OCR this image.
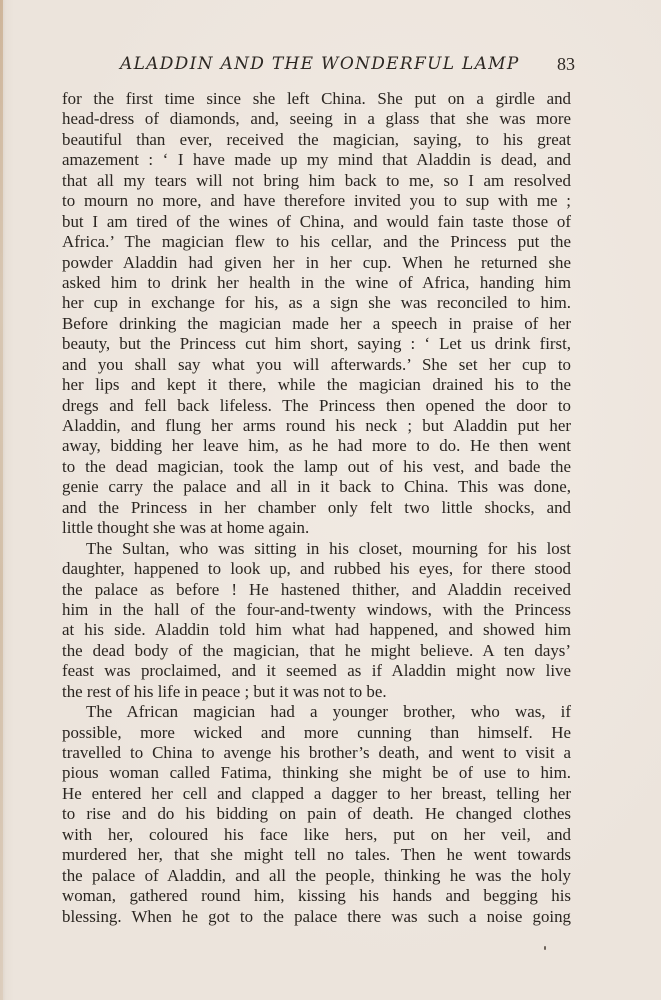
ALADDIN AND THE WONDERFUL LAMP 83
for the first time since she left China. She put on a girdle and
head-dress of diamonds, and, seeing in a glass that she was more
beautiful than ever, received the magician, saying, to his great
amazement : ‘ I have made up my mind that Aladdin is dead, and
that all my tears will not bring him back to me, so I am resolved
to mourn no more, and have therefore invited you to sup with me ;
but I am tired of the wines of China, and would fain taste those of
Africa.’ The magician flew to his cellar, and the Princess put the
powder Aladdin had given her in her cup. When he returned she
asked him to drink her health in the wine of Africa, handing him
her cup in exchange for his, as a sign she was reconciled to him.
Before drinking the magician made her a speech in praise of her
beauty, but the Princess cut him short, saying : ‘ Let us drink first,
and you shall say what you will afterwards.’ She set her cup to
her lips and kept it there, while the magician drained his to the
dregs and fell back lifeless. The Princess then opened the door to
Aladdin, and flung her arms round his neck ; but Aladdin put her
away, bidding her leave him, as he had more to do. He then went
to the dead magician, took the lamp out of his vest, and bade the
genie carry the palace and all in it back to China. This was done,
and the Princess in her chamber only felt two little shocks, and
little thought she was at home again.
The Sultan, who was sitting in his closet, mourning for his lost
daughter, happened to look up, and rubbed his eyes, for there stood
the palace as before ! He hastened thither, and Aladdin received
him in the hall of the four-and-twenty windows, with the Princess
at his side. Aladdin told him what had happened, and showed him
the dead body of the magician, that he might believe. A ten days’
feast was proclaimed, and it seemed as if Aladdin might now live
the rest of his life in peace ; but it was not to be.
The African magician had a younger brother, who was, if
possible, more wicked and more cunning than himself. He
travelled to China to avenge his brother’s death, and went to visit a
pious woman called Fatima, thinking she might be of use to him.
He entered her cell and clapped a dagger to her breast, telling her
to rise and do his bidding on pain of death. He changed clothes
with her, coloured his face like hers, put on her veil, and
murdered her, that she might tell no tales. Then he went towards
the palace of Aladdin, and all the people, thinking he was the holy
woman, gathered round him, kissing his hands and begging his
blessing. When he got to the palace there was such a noise going
